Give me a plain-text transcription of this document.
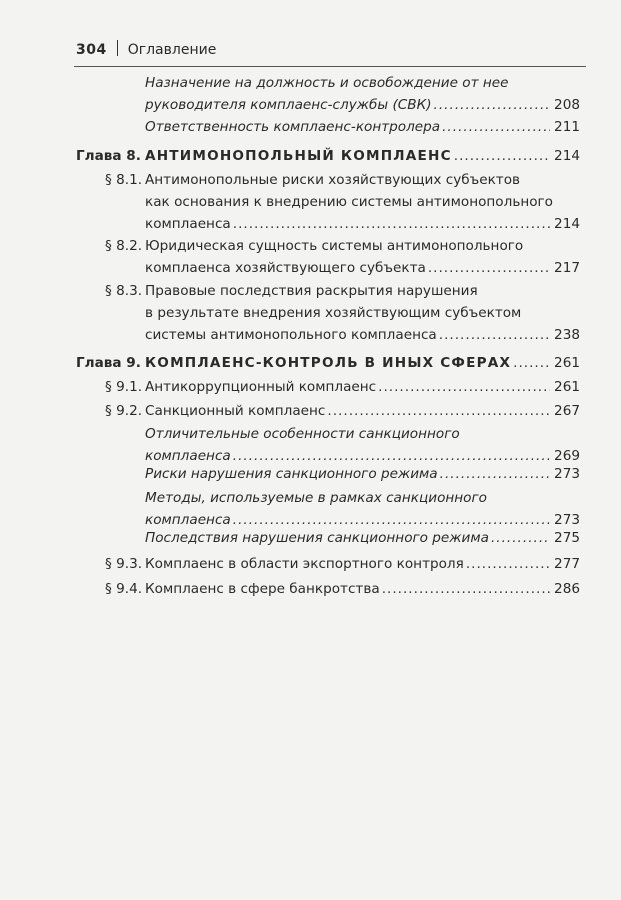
304 Оглавление
Назначение на должность и освобождение от нее
руководителя комплаенс-службы (СВК) .....	208
Ответственность комплаенс-контролера .....	211
Глава 8. АНТИМОНОПОЛЬНЫЙ КОМПЛАЕНС .....	214
§ 8.1. Антимонопольные риски хозяйствующих субъектов
как основания к внедрению системы антимонопольного
комплаенса .....	214
§ 8.2. Юридическая сущность системы антимонопольного
комплаенса хозяйствующего субъекта .....	217
§ 8.3. Правовые последствия раскрытия нарушения
в результате внедрения хозяйствующим субъектом
системы антимонопольного комплаенса .....	238
Глава 9. КОМПЛАЕНС-КОНТРОЛЬ В ИНЫХ СФЕРАХ .....	261
§ 9.1. Антикоррупционный комплаенс .....	261
§ 9.2. Санкционный комплаенс .....	267
Отличительные особенности санкционного
комплаенса .....	269
Риски нарушения санкционного режима .....	273
Методы, используемые в рамках санкционного
комплаенса .....	273
Последствия нарушения санкционного режима .....	275
§ 9.3. Комплаенс в области экспортного контроля .....	277
§ 9.4. Комплаенс в сфере банкротства .....	286
